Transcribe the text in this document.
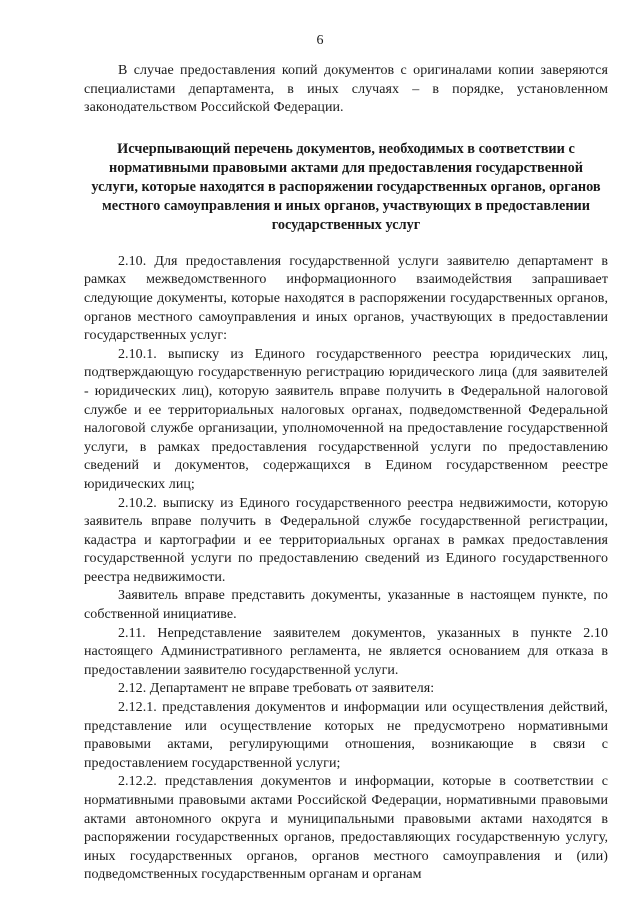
6

В случае предоставления копий документов с оригиналами копии заверяются специалистами департамента, в иных случаях – в порядке, установленном законодательством Российской Федерации.

Исчерпывающий перечень документов, необходимых в соответствии с нормативными правовыми актами для предоставления государственной услуги, которые находятся в распоряжении государственных органов, органов местного самоуправления и иных органов, участвующих в предоставлении государственных услуг

2.10. Для предоставления государственной услуги заявителю департамент в рамках межведомственного информационного взаимодействия запрашивает следующие документы, которые находятся в распоряжении государственных органов, органов местного самоуправления и иных органов, участвующих в предоставлении государственных услуг:

2.10.1. выписку из Единого государственного реестра юридических лиц, подтверждающую государственную регистрацию юридического лица (для заявителей - юридических лиц), которую заявитель вправе получить в Федеральной налоговой службе и ее территориальных налоговых органах, подведомственной Федеральной налоговой службе организации, уполномоченной на предоставление государственной услуги, в рамках предоставления государственной услуги по предоставлению сведений и документов, содержащихся в Едином государственном реестре юридических лиц;

2.10.2. выписку из Единого государственного реестра недвижимости, которую заявитель вправе получить в Федеральной службе государственной регистрации, кадастра и картографии и ее территориальных органах в рамках предоставления государственной услуги по предоставлению сведений из Единого государственного реестра недвижимости.

Заявитель вправе представить документы, указанные в настоящем пункте, по собственной инициативе.

2.11. Непредставление заявителем документов, указанных в пункте 2.10 настоящего Административного регламента, не является основанием для отказа в предоставлении заявителю государственной услуги.

2.12. Департамент не вправе требовать от заявителя:

2.12.1. представления документов и информации или осуществления действий, представление или осуществление которых не предусмотрено нормативными правовыми актами, регулирующими отношения, возникающие в связи с предоставлением государственной услуги;

2.12.2. представления документов и информации, которые в соответствии с нормативными правовыми актами Российской Федерации, нормативными правовыми актами автономного округа и муниципальными правовыми актами находятся в распоряжении государственных органов, предоставляющих государственную услугу, иных государственных органов, органов местного самоуправления и (или) подведомственных государственным органам и органам
